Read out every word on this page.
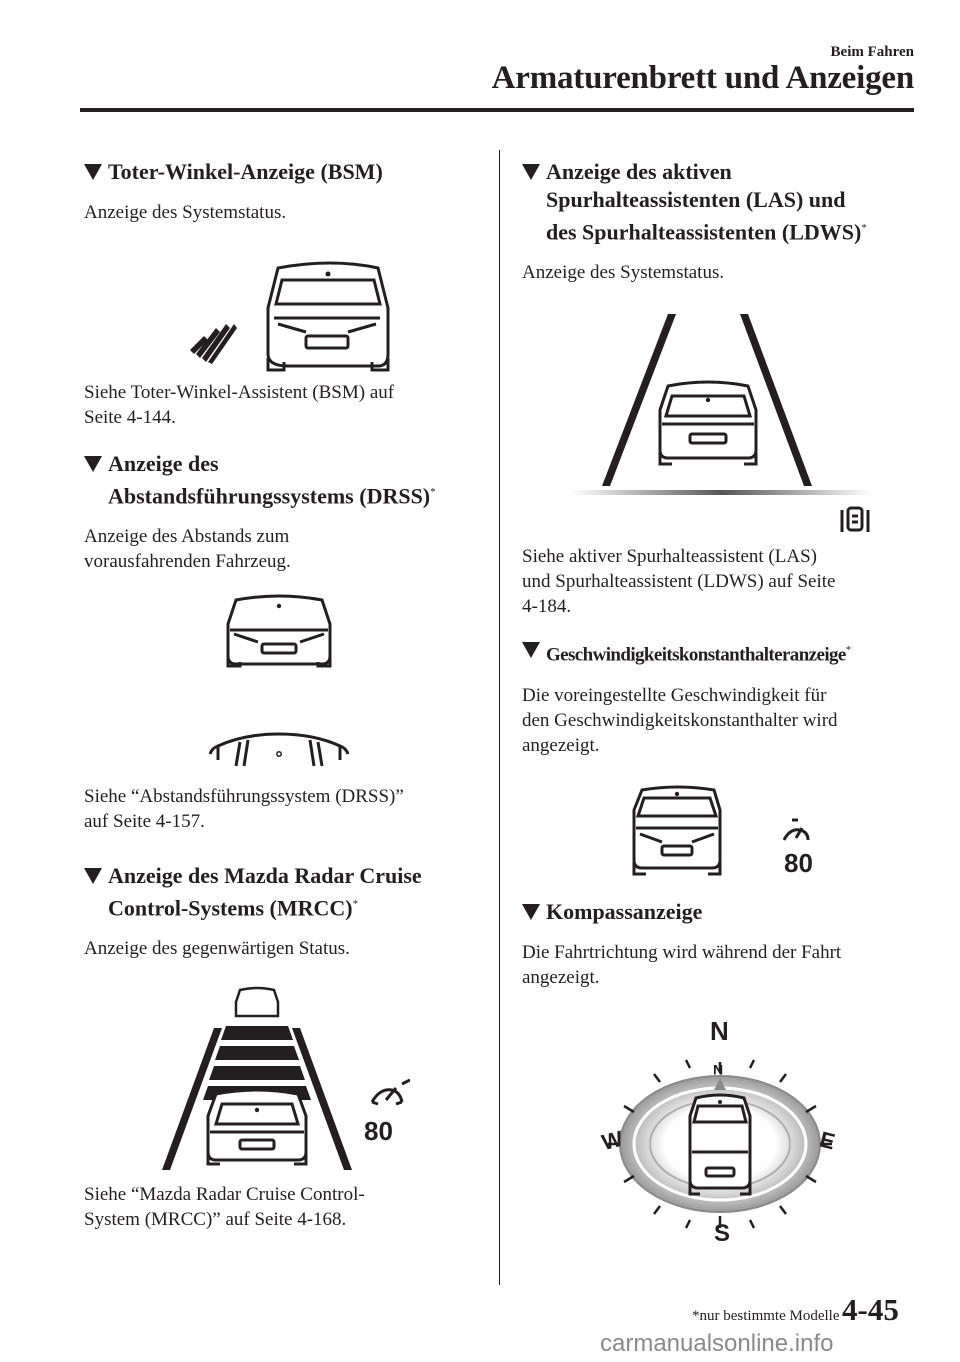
Beim Fahren
Armaturenbrett und Anzeigen
Toter-Winkel-Anzeige (BSM)

Anzeige des Systemstatus.

Siehe Toter-Winkel-Assistent (BSM) auf

Seite 4-144.

Anzeige des
Abstandsführungssystems (DRSS)*

Anzeige des Abstands zum

vorausfahrenden Fahrzeug.

Siehe “Abstandsführungssystem (DRSS)”

auf Seite 4-157.

Anzeige des Mazda Radar Cruise
Control-Systems (MRCC)*

Anzeige des gegenwärtigen Status.

80

Siehe “Mazda Radar Cruise Control-

System (MRCC)” auf Seite 4-168.

Anzeige des aktiven
Spurhalteassistenten (LAS) und
des Spurhalteassistenten (LDWS)*

Anzeige des Systemstatus.

Siehe aktiver Spurhalteassistent (LAS)

und Spurhalteassistent (LDWS) auf Seite

4-184.

Geschwindigkeitskonstanthalteranzeige*

Die voreingestellte Geschwindigkeit für

den Geschwindigkeitskonstanthalter wird

angezeigt.

80
Kompassanzeige

Die Fahrtrichtung wird während der Fahrt

angezeigt.

N
S
E
W
N
*nur bestimmte Modelle 4-45
carmanualsonline.info
